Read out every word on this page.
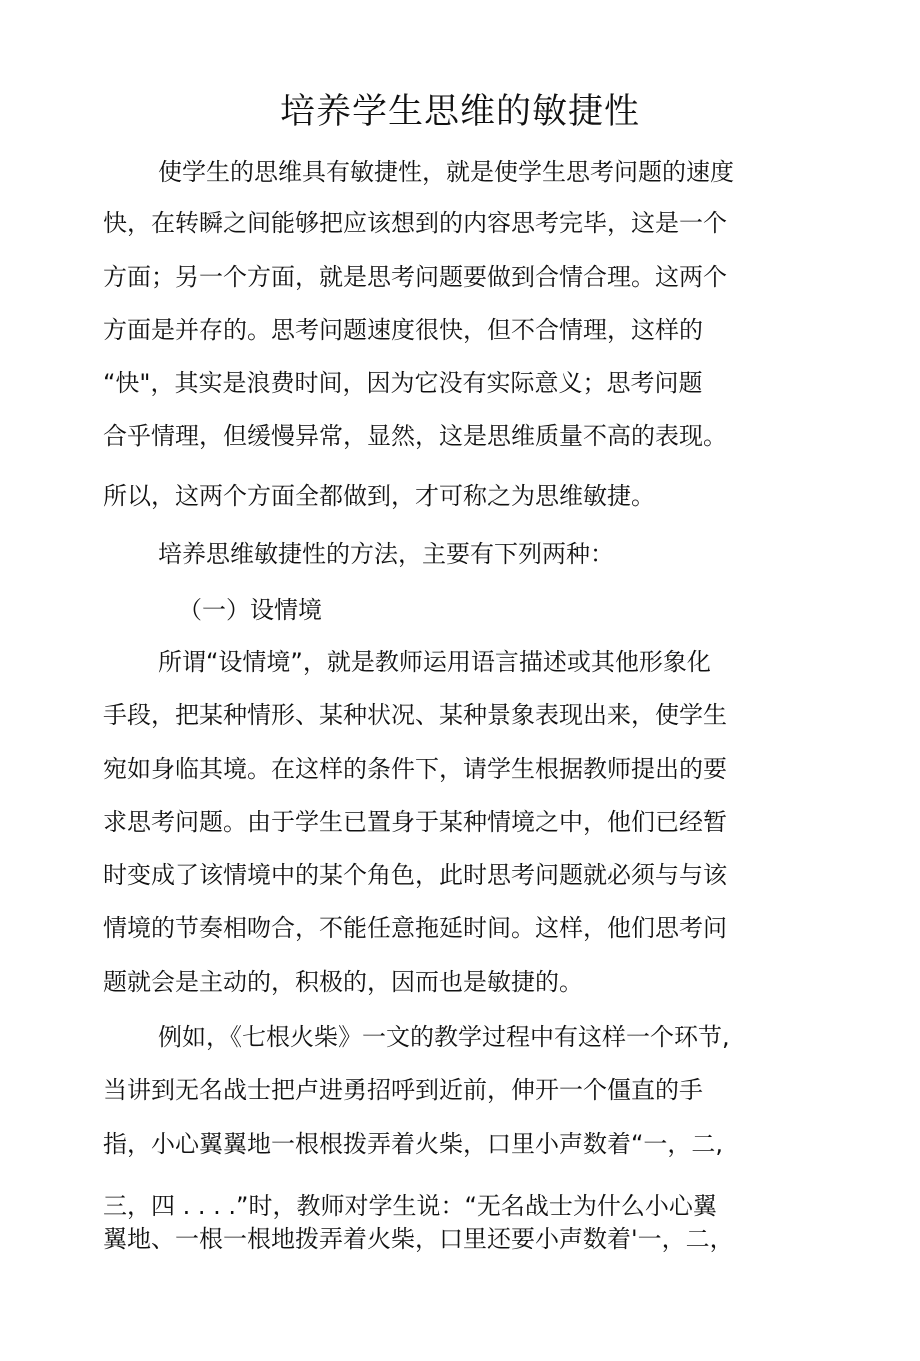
培养学生思维的敏捷性
使学生的思维具有敏捷性，就是使学生思考问题的速度
快，在转瞬之间能够把应该想到的内容思考完毕，这是一个
方面；另一个方面，就是思考问题要做到合情合理。这两个
方面是并存的。思考问题速度很快，但不合情理，这样的
“快"，其实是浪费时间，因为它没有实际意义；思考问题
合乎情理，但缓慢异常，显然，这是思维质量不高的表现。
所以，这两个方面全都做到，才可称之为思维敏捷。
培养思维敏捷性的方法，主要有下列两种：
（一）设情境
所谓“设情境”，就是教师运用语言描述或其他形象化
手段，把某种情形、某种状况、某种景象表现出来，使学生
宛如身临其境。在这样的条件下，请学生根据教师提出的要
求思考问题。由于学生已置身于某种情境之中，他们已经暂
时变成了该情境中的某个角色，此时思考问题就必须与与该
情境的节奏相吻合，不能任意拖延时间。这样，他们思考问
题就会是主动的，积极的，因而也是敏捷的。
例如，《七根火柴》一文的教学过程中有这样一个环节,
当讲到无名战士把卢进勇招呼到近前，伸开一个僵直的手
指，小心翼翼地一根根拨弄着火柴，口里小声数着“一，二,
三，四 . . . .”时，教师对学生说：“无名战士为什么小心翼
翼地、一根一根地拨弄着火柴，口里还要小声数着'一，二，
